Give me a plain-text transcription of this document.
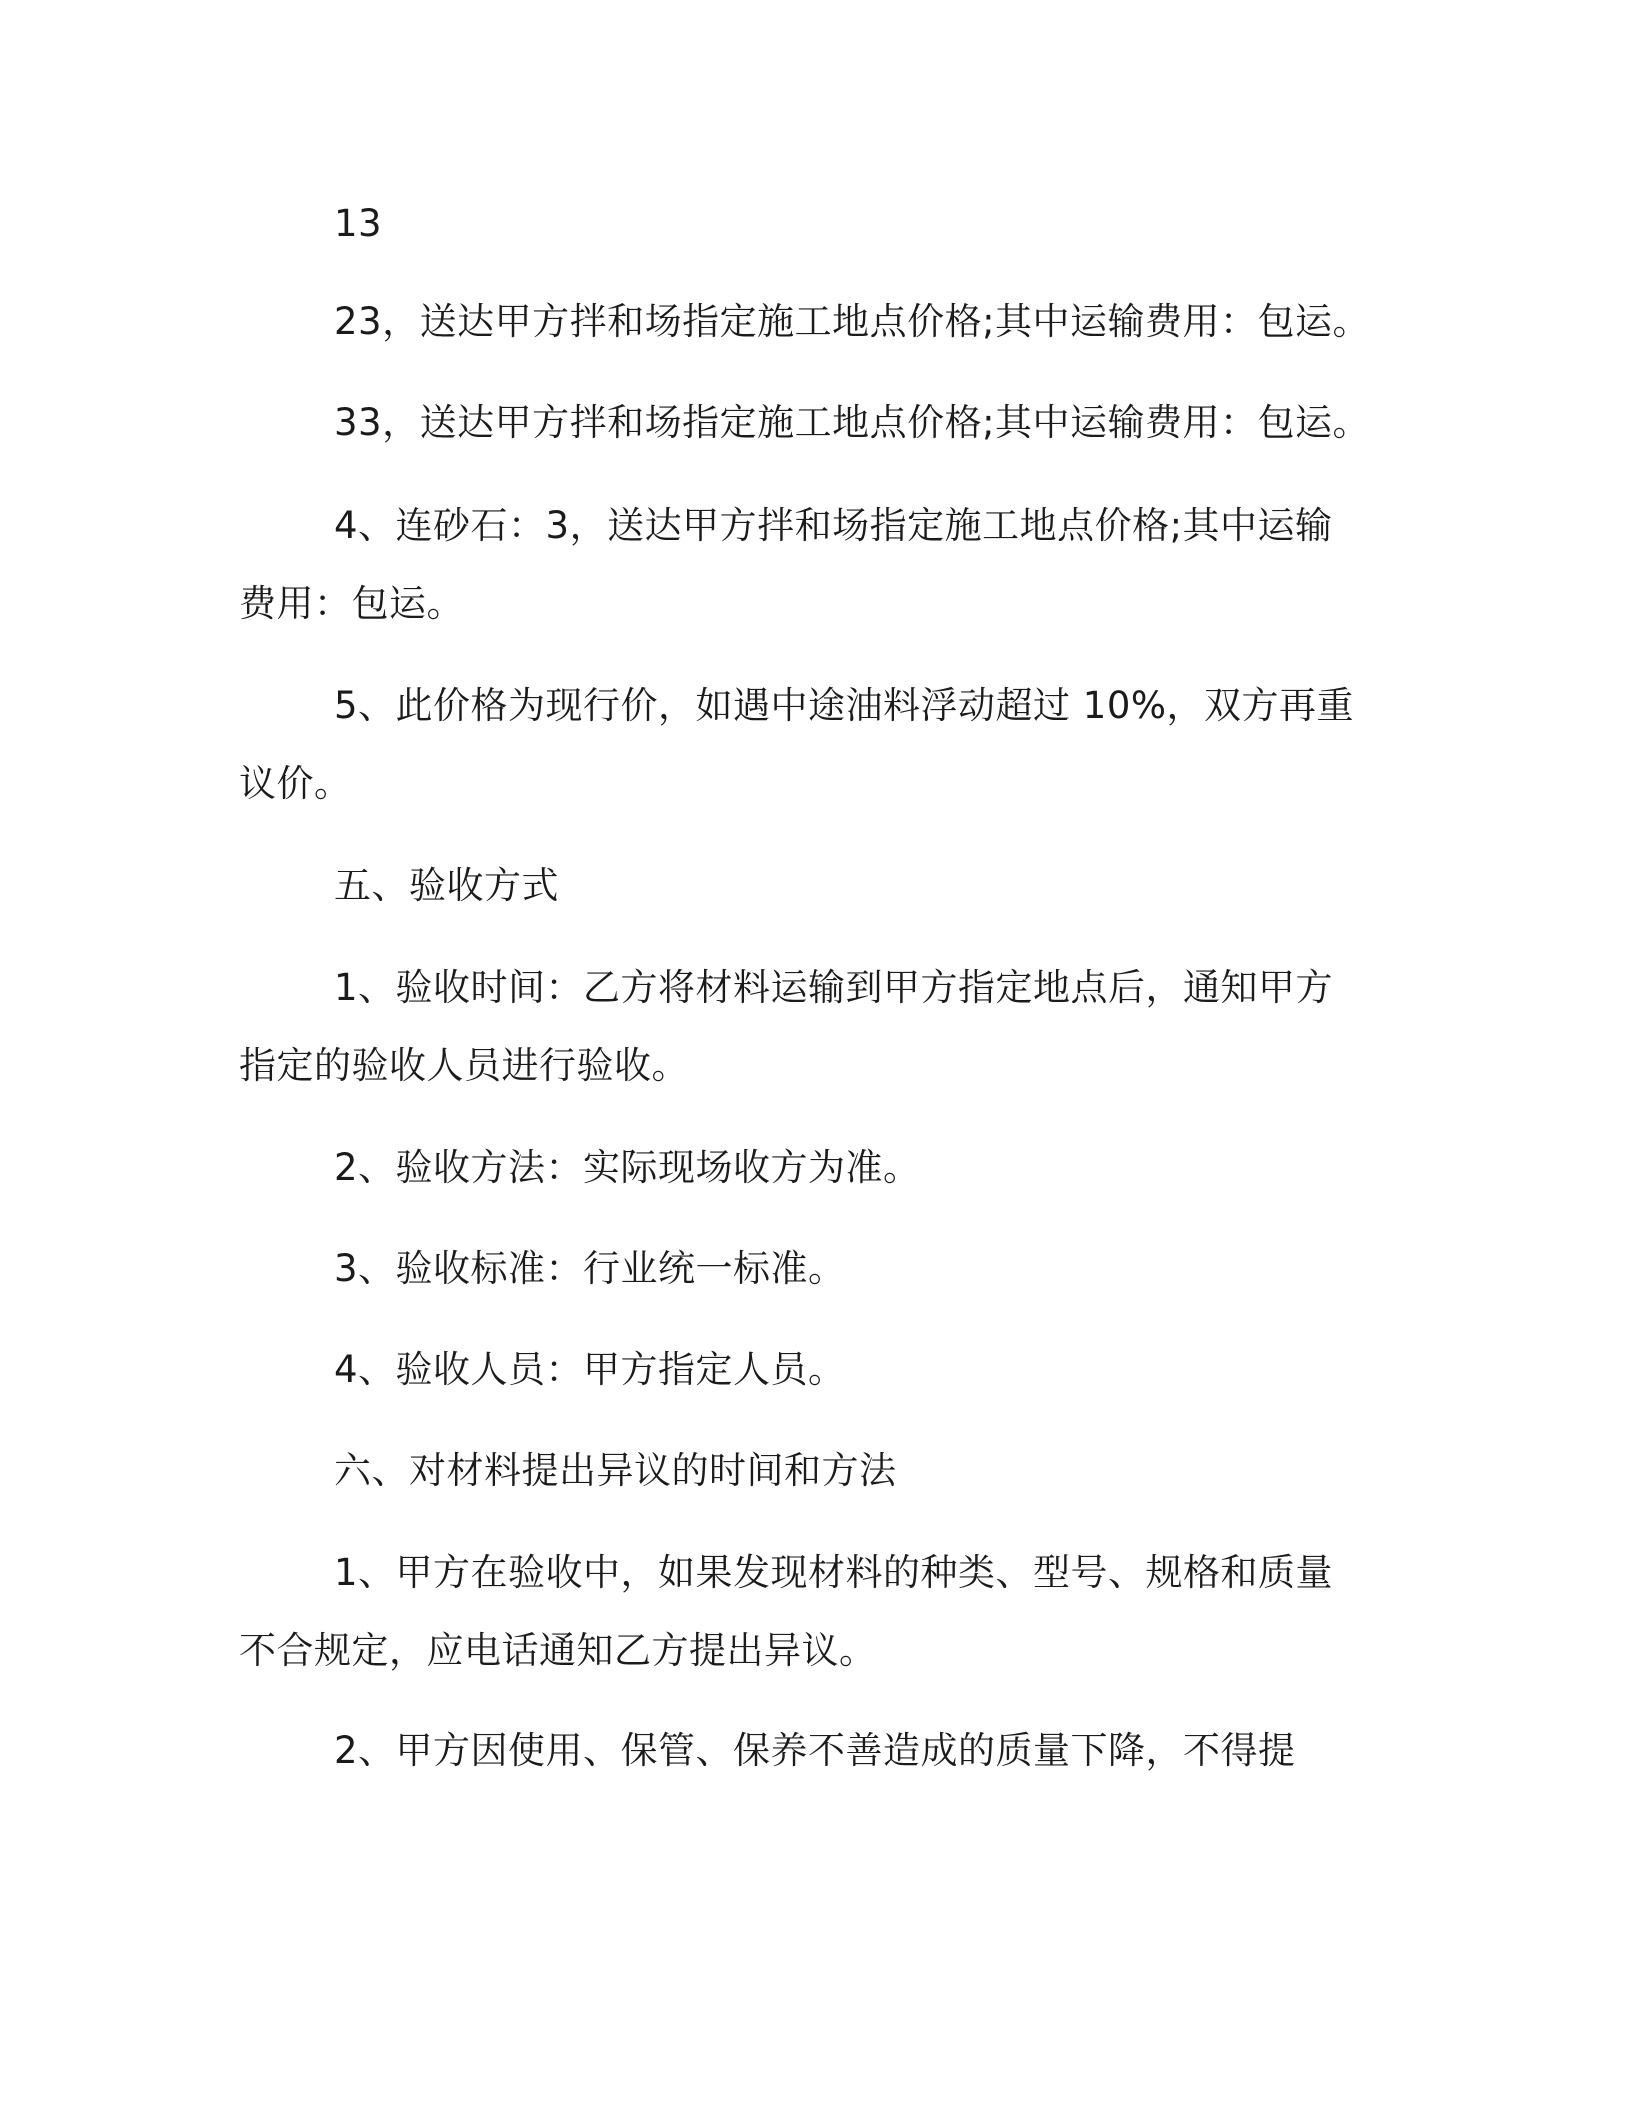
13

23，送达甲方拌和场指定施工地点价格;其中运输费用：包运。

33，送达甲方拌和场指定施工地点价格;其中运输费用：包运。

4、连砂石：3，送达甲方拌和场指定施工地点价格;其中运输费用：包运。

5、此价格为现行价，如遇中途油料浮动超过 10%，双方再重议价。

五、验收方式

1、验收时间：乙方将材料运输到甲方指定地点后，通知甲方指定的验收人员进行验收。

2、验收方法：实际现场收方为准。

3、验收标准：行业统一标准。

4、验收人员：甲方指定人员。

六、对材料提出异议的时间和方法

1、甲方在验收中，如果发现材料的种类、型号、规格和质量不合规定，应电话通知乙方提出异议。

2、甲方因使用、保管、保养不善造成的质量下降，不得提
